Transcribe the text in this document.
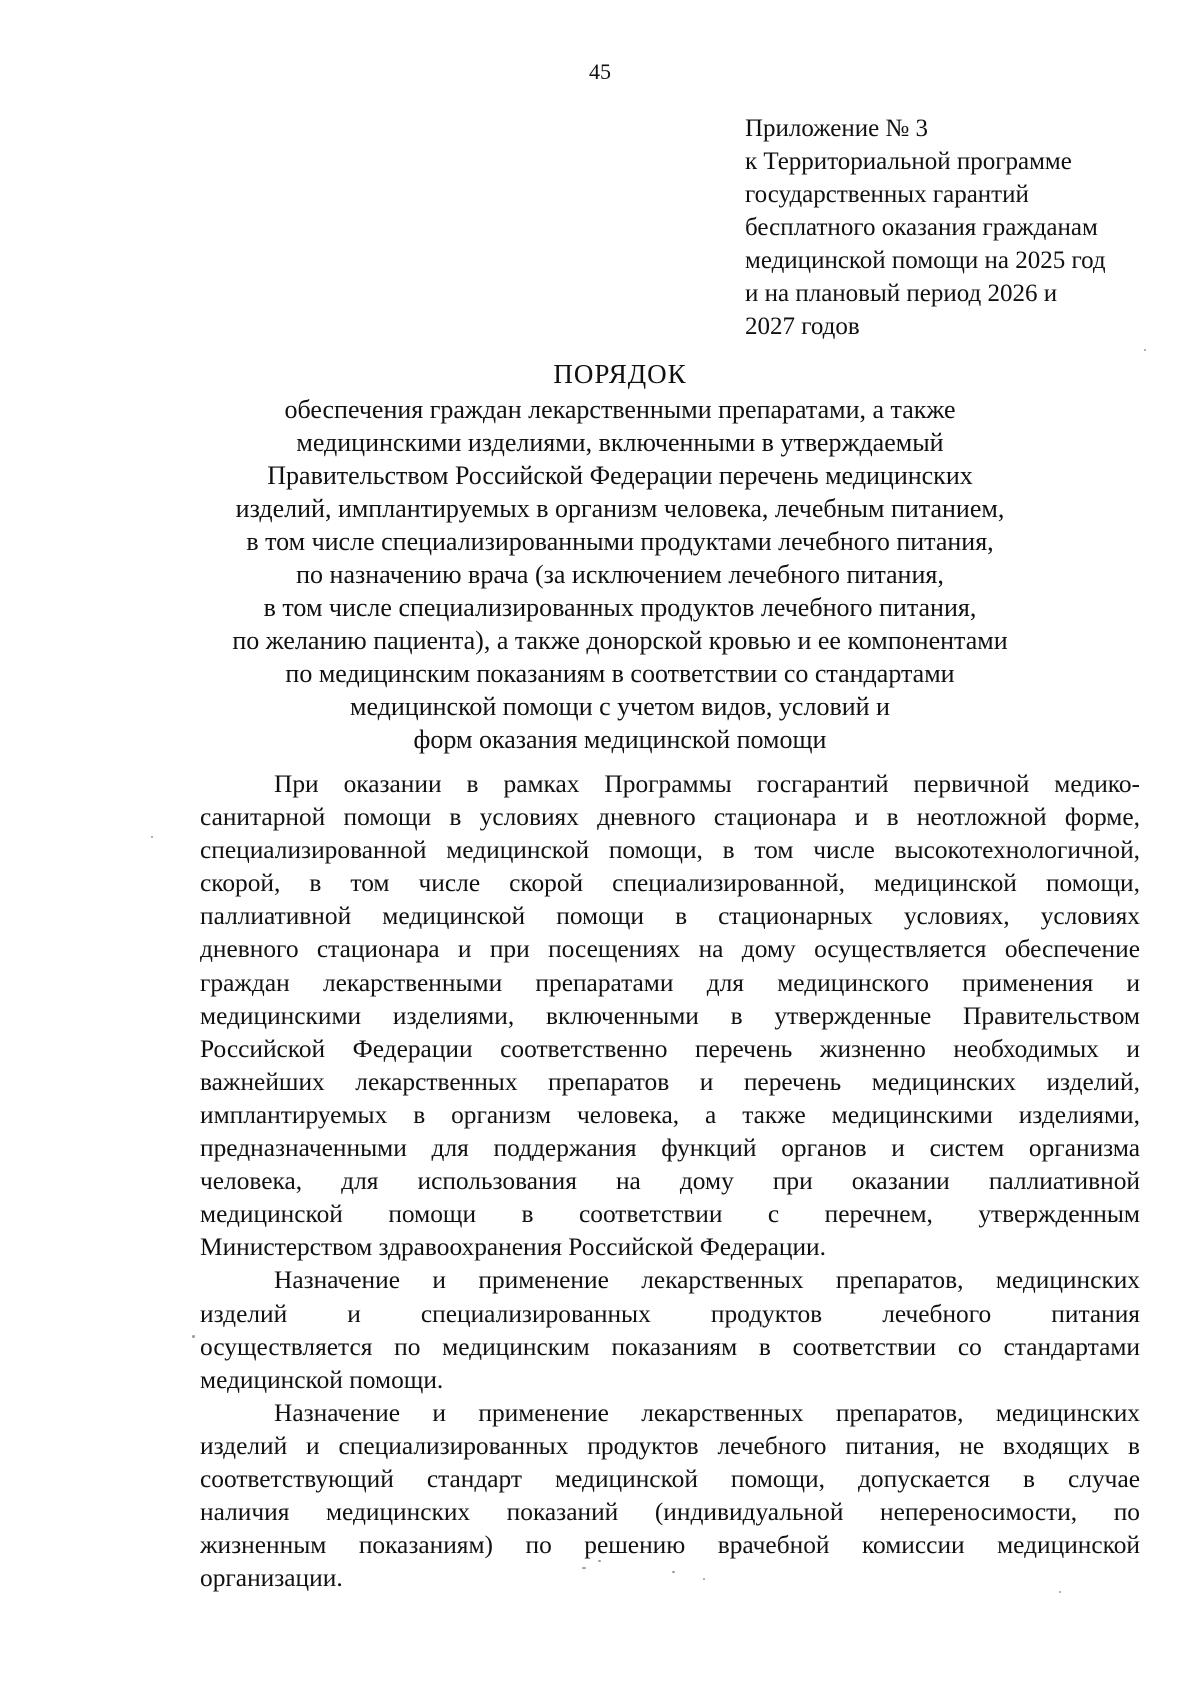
45
Приложение № 3
к Территориальной программе
государственных гарантий
бесплатного оказания гражданам
медицинской помощи на 2025 год
и на плановый период 2026 и
2027 годов
ПОРЯДОК
обеспечения граждан лекарственными препаратами, а также
медицинскими изделиями, включенными в утверждаемый
Правительством Российской Федерации перечень медицинских
изделий, имплантируемых в организм человека, лечебным питанием,
в том числе специализированными продуктами лечебного питания,
по назначению врача (за исключением лечебного питания,
в том числе специализированных продуктов лечебного питания,
по желанию пациента), а также донорской кровью и ее компонентами
по медицинским показаниям в соответствии со стандартами
медицинской помощи с учетом видов, условий и
форм оказания медицинской помощи
При оказании в рамках Программы госгарантий первичной медико-
санитарной помощи в условиях дневного стационара и в неотложной форме,
специализированной медицинской помощи, в том числе высокотехнологичной,
скорой, в том числе скорой специализированной, медицинской помощи,
паллиативной медицинской помощи в стационарных условиях, условиях
дневного стационара и при посещениях на дому осуществляется обеспечение
граждан лекарственными препаратами для медицинского применения и
медицинскими изделиями, включенными в утвержденные Правительством
Российской Федерации соответственно перечень жизненно необходимых и
важнейших лекарственных препаратов и перечень медицинских изделий,
имплантируемых в организм человека, а также медицинскими изделиями,
предназначенными для поддержания функций органов и систем организма
человека, для использования на дому при оказании паллиативной
медицинской помощи в соответствии с перечнем, утвержденным
Министерством здравоохранения Российской Федерации.
Назначение и применение лекарственных препаратов, медицинских
изделий и специализированных продуктов лечебного питания
осуществляется по медицинским показаниям в соответствии со стандартами
медицинской помощи.
Назначение и применение лекарственных препаратов, медицинских
изделий и специализированных продуктов лечебного питания, не входящих в
соответствующий стандарт медицинской помощи, допускается в случае
наличия медицинских показаний (индивидуальной непереносимости, по
жизненным показаниям) по решению врачебной комиссии медицинской
организации.
